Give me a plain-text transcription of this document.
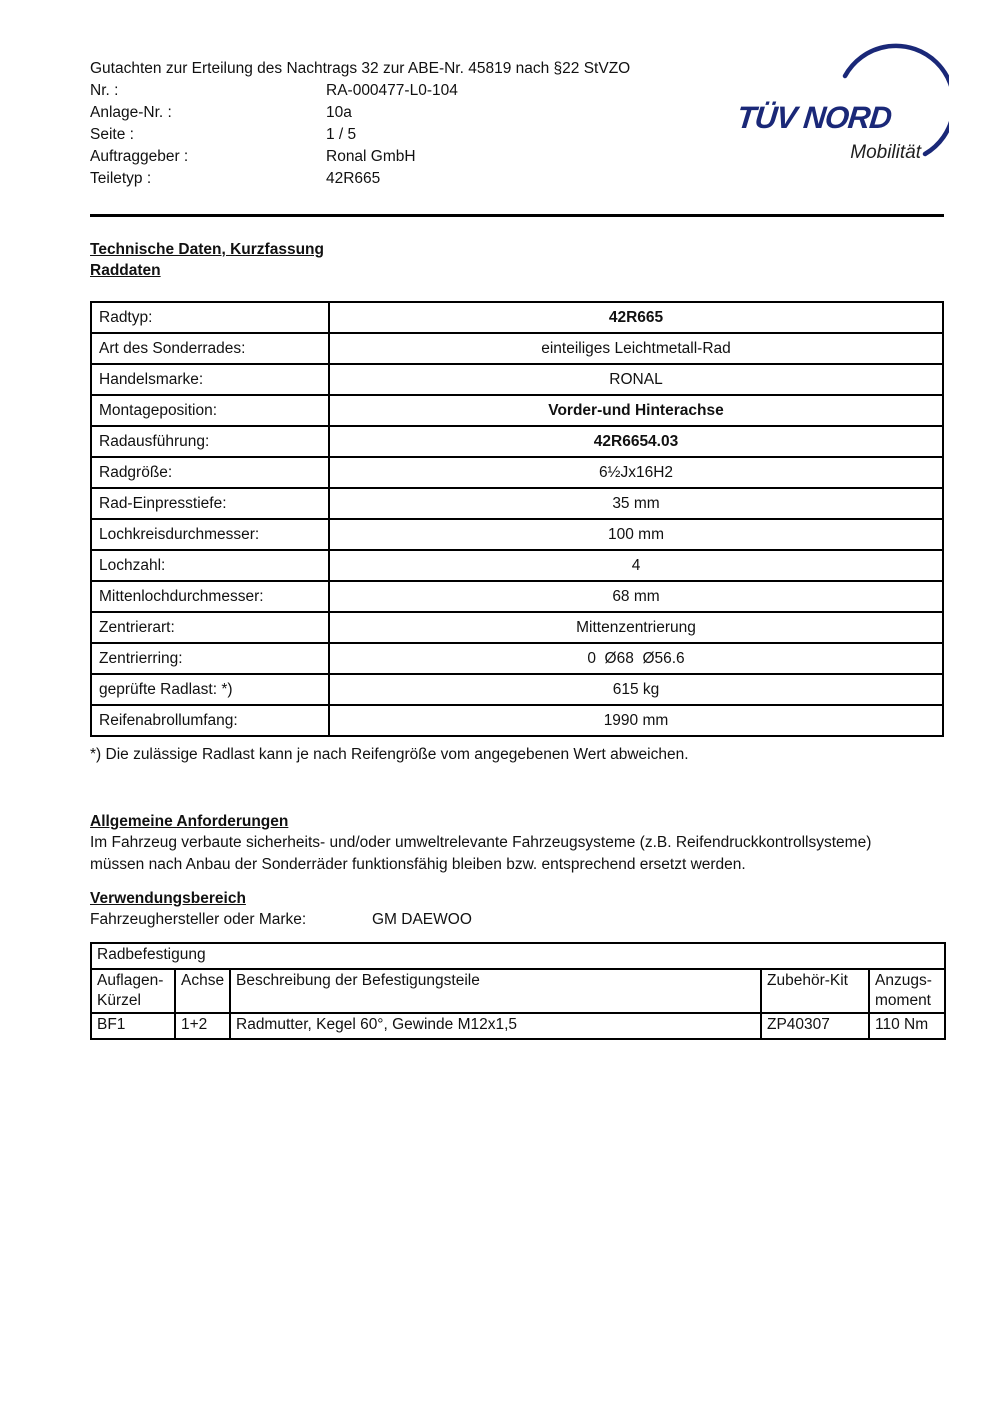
TÜV NORD
Mobilität
Gutachten zur Erteilung des Nachtrags 32 zur ABE-Nr. 45819 nach §22 StVZO
Nr. :	RA-000477-L0-104
Anlage-Nr. :	10a
Seite :	1 / 5
Auftraggeber :	Ronal GmbH
Teiletyp :	42R665
Technische Daten, Kurzfassung
Raddaten
Radtyp:	42R665
Art des Sonderrades:	einteiliges Leichtmetall-Rad
Handelsmarke:	RONAL
Montageposition:	Vorder-und Hinterachse
Radausführung:	42R6654.03
Radgröße:	6½Jx16H2
Rad-Einpresstiefe:	35 mm
Lochkreisdurchmesser:	100 mm
Lochzahl:	4
Mittenlochdurchmesser:	68 mm
Zentrierart:	Mittenzentrierung
Zentrierring:	0  Ø68  Ø56.6
geprüfte Radlast: *)	615 kg
Reifenabrollumfang:	1990 mm
*) Die zulässige Radlast kann je nach Reifengröße vom angegebenen Wert abweichen.
Allgemeine Anforderungen

Im Fahrzeug verbaute sicherheits- und/oder umweltrelevante Fahrzeugsysteme (z.B. Reifendruckkontrollsysteme) müssen nach Anbau der Sonderräder funktionsfähig bleiben bzw. entsprechend ersetzt werden.

Verwendungsbereich
Fahrzeughersteller oder Marke:	GM DAEWOO
Radbefestigung				
Auflagen-Kürzel	Achse	Beschreibung der Befestigungsteile	Zubehör-Kit	Anzugs-moment
BF1	1+2	Radmutter, Kegel 60°, Gewinde M12x1,5	ZP40307	110 Nm
